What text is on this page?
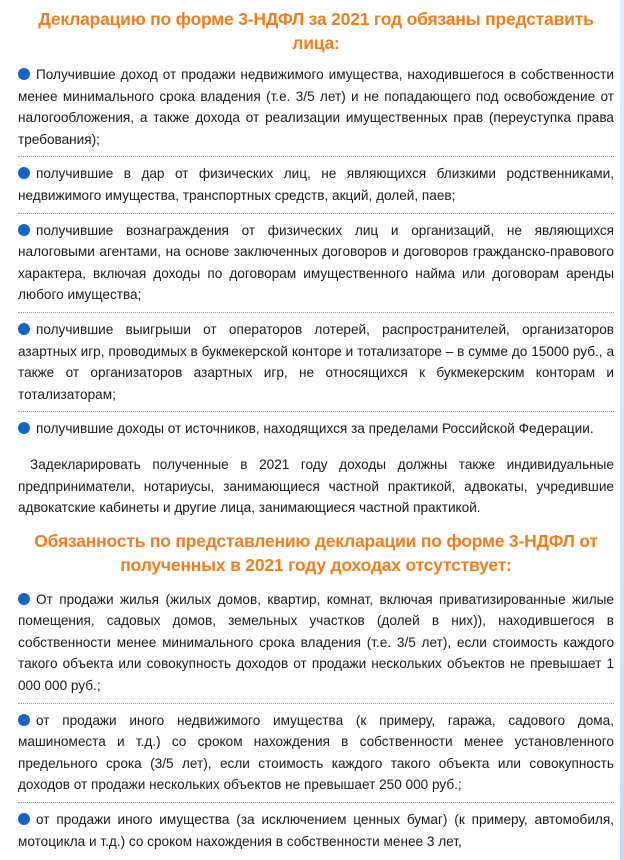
Декларацию по форме 3-НДФЛ за 2021 год обязаны представить лица:
Получившие доход от продажи недвижимого имущества, находившегося в собственности менее минимального срока владения (т.е. 3/5 лет) и не попадающего под освобождение от налогообложения, а также дохода от реализации имущественных прав (переуступка права требования);
получившие в дар от физических лиц, не являющихся близкими родственниками, недвижимого имущества, транспортных средств, акций, долей, паев;
получившие вознаграждения от физических лиц и организаций, не являющихся налоговыми агентами, на основе заключенных договоров и договоров гражданско-правового характера, включая доходы по договорам имущественного найма или договорам аренды любого имущества;
получившие выигрыши от операторов лотерей, распространителей, организаторов азартных игр, проводимых в букмекерской конторе и тотализаторе – в сумме до 15000 руб., а также от организаторов азартных игр, не относящихся к букмекерским конторам и тотализаторам;
получившие доходы от источников, находящихся за пределами Российской Федерации.

Задекларировать полученные в 2021 году доходы должны также индивидуальные предприниматели, нотариусы, занимающиеся частной практикой, адвокаты, учредившие адвокатские кабинеты и другие лица, занимающиеся частной практикой.

Обязанность по представлению декларации по форме 3-НДФЛ от полученных в 2021 году доходах отсутствует:
От продажи жилья (жилых домов, квартир, комнат, включая приватизированные жилые помещения, садовых домов, земельных участков (долей в них)), находившегося в собственности менее минимального срока владения (т.е. 3/5 лет), если стоимость каждого такого объекта или совокупность доходов от продажи нескольких объектов не превышает 1 000 000 руб.;
от продажи иного недвижимого имущества (к примеру, гаража, садового дома, машиноместа и т.д.) со сроком нахождения в собственности менее установленного предельного срока (3/5 лет), если стоимость каждого такого объекта или совокупность доходов от продажи нескольких объектов не превышает 250 000 руб.;
от продажи иного имущества (за исключением ценных бумаг) (к примеру, автомобиля, мотоцикла и т.д.) со сроком нахождения в собственности менее 3 лет,
